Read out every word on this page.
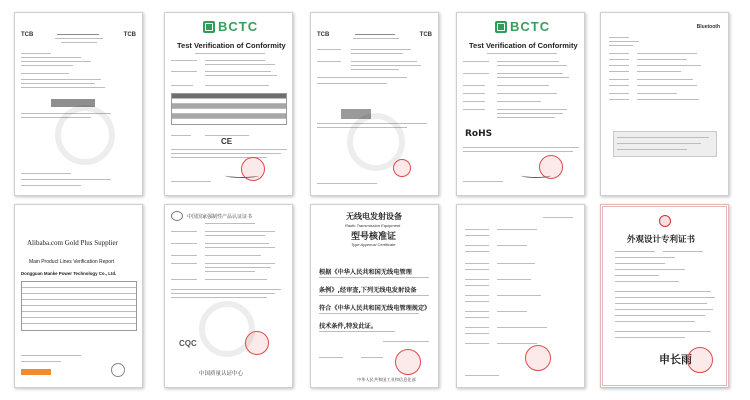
TCB	TCB
BCTC
Test Verification of Conformity
CE
TCB	TCB
BCTC
Test Verification of Conformity
RoHS
Bluetooth
Alibaba.com Gold Plus Supplier
Main Product Lines Verification Report
Dongguan Manke Power Technology Co., Ltd.
中国国家强制性产品认证证书
CQC
中国质量认证中心
无线电发射设备
Radio Transmission Equipment
型号核准证
Type Approval Certificate
根据《中华人民共和国无线电管理
条例》,经审查,下列无线电发射设备
符合《中华人民共和国无线电管理规定》
技术条件,特发此证。
中华人民共和国工业和信息化部
外观设计专利证书
申长雨
